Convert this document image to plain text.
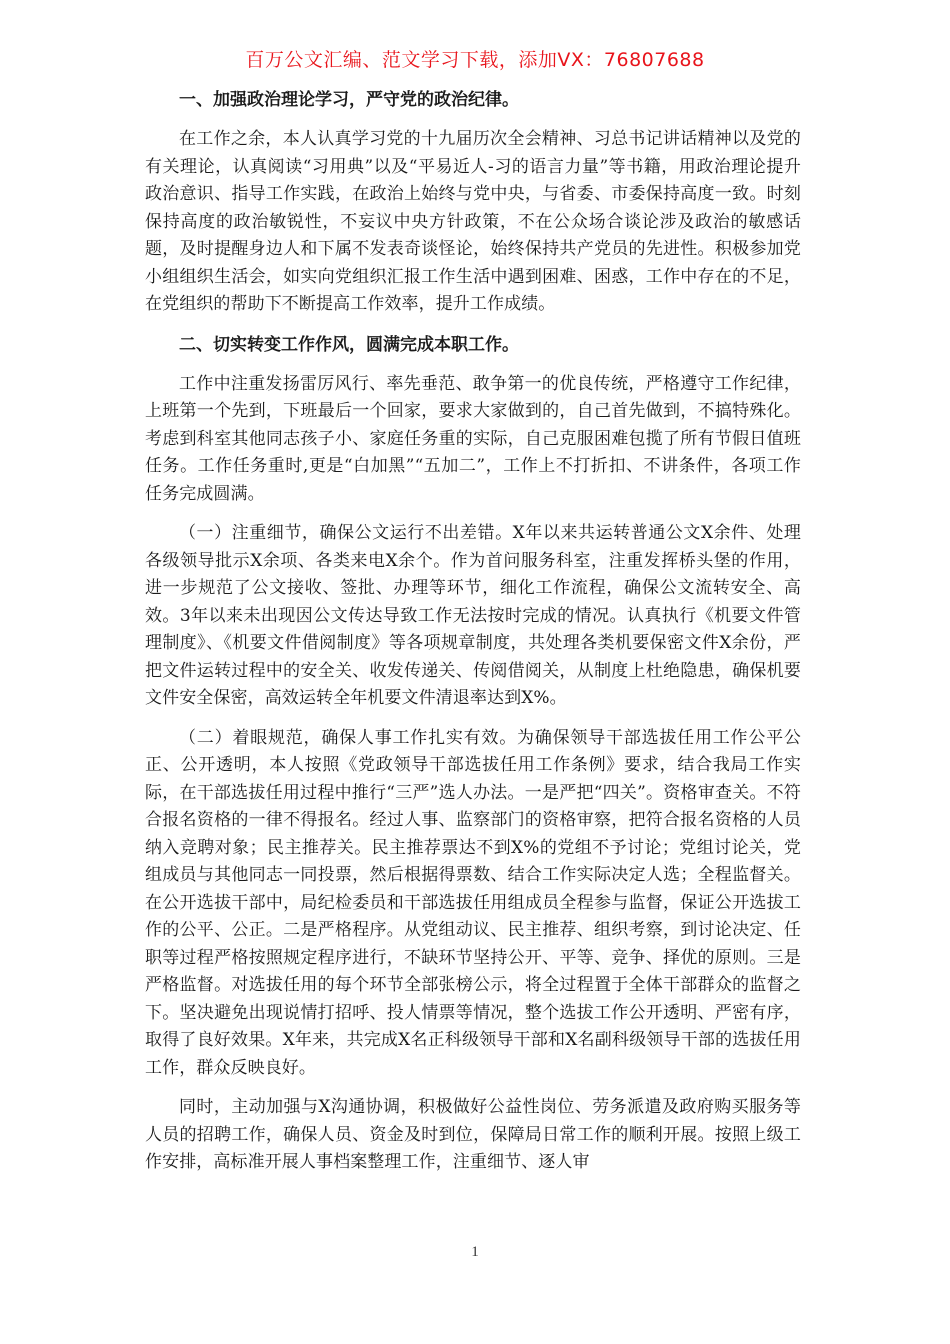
百万公文汇编、范文学习下载，添加VX：76807688

一、加强政治理论学习，严守党的政治纪律。

在工作之余，本人认真学习党的十九届历次全会精神、习总书记讲话精神以及党的有关理论，认真阅读“习用典”以及“平易近人-习的语言力量”等书籍，用政治理论提升政治意识、指导工作实践，在政治上始终与党中央，与省委、市委保持高度一致。时刻保持高度的政治敏锐性，不妄议中央方针政策，不在公众场合谈论涉及政治的敏感话题，及时提醒身边人和下属不发表奇谈怪论，始终保持共产党员的先进性。积极参加党小组组织生活会，如实向党组织汇报工作生活中遇到困难、困惑，工作中存在的不足，在党组织的帮助下不断提高工作效率，提升工作成绩。

二、切实转变工作作风，圆满完成本职工作。

工作中注重发扬雷厉风行、率先垂范、敢争第一的优良传统，严格遵守工作纪律，上班第一个先到，下班最后一个回家，要求大家做到的，自己首先做到，不搞特殊化。考虑到科室其他同志孩子小、家庭任务重的实际，自己克服困难包揽了所有节假日值班任务。工作任务重时,更是“白加黑”“五加二”，工作上不打折扣、不讲条件，各项工作任务完成圆满。

（一）注重细节，确保公文运行不出差错。X年以来共运转普通公文X余件、处理各级领导批示X余项、各类来电X余个。作为首问服务科室，注重发挥桥头堡的作用，进一步规范了公文接收、签批、办理等环节，细化工作流程，确保公文流转安全、高效。3年以来未出现因公文传达导致工作无法按时完成的情况。认真执行《机要文件管理制度》、《机要文件借阅制度》等各项规章制度，共处理各类机要保密文件X余份，严把文件运转过程中的安全关、收发传递关、传阅借阅关，从制度上杜绝隐患，确保机要文件安全保密，高效运转全年机要文件清退率达到X%。

（二）着眼规范，确保人事工作扎实有效。为确保领导干部选拔任用工作公平公正、公开透明，本人按照《党政领导干部选拔任用工作条例》要求，结合我局工作实际，在干部选拔任用过程中推行“三严”选人办法。一是严把“四关”。资格审查关。不符合报名资格的一律不得报名。经过人事、监察部门的资格审察，把符合报名资格的人员纳入竞聘对象；民主推荐关。民主推荐票达不到X%的党组不予讨论；党组讨论关，党组成员与其他同志一同投票，然后根据得票数、结合工作实际决定人选；全程监督关。在公开选拔干部中，局纪检委员和干部选拔任用组成员全程参与监督，保证公开选拔工作的公平、公正。二是严格程序。从党组动议、民主推荐、组织考察，到讨论决定、任职等过程严格按照规定程序进行，不缺环节坚持公开、平等、竞争、择优的原则。三是严格监督。对选拔任用的每个环节全部张榜公示，将全过程置于全体干部群众的监督之下。坚决避免出现说情打招呼、投人情票等情况，整个选拔工作公开透明、严密有序，取得了良好效果。X年来，共完成X名正科级领导干部和X名副科级领导干部的选拔任用工作，群众反映良好。

同时，主动加强与X沟通协调，积极做好公益性岗位、劳务派遣及政府购买服务等人员的招聘工作，确保人员、资金及时到位，保障局日常工作的顺利开展。按照上级工作安排，高标准开展人事档案整理工作，注重细节、逐人审

1
